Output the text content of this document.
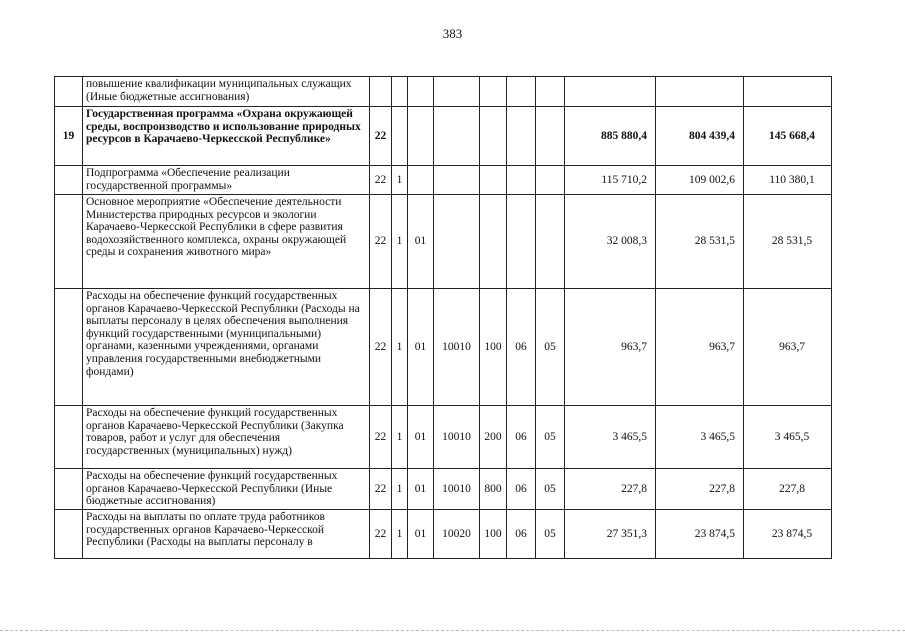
383
	повышение квалификации муниципальных служащих (Иные бюджетные ассигнования)										
19	Государственная программа «Охрана окружающей среды, воспроизводство и использование природных ресурсов в Карачаево-Черкесской Республике»	22							885 880,4	804 439,4	145 668,4
	Подпрограмма «Обеспечение реализации государственной программы»	22	1						115 710,2	109 002,6	110 380,1
	Основное мероприятие «Обеспечение деятельности Министерства природных ресурсов и экологии Карачаево-Черкесской Республики в сфере развития водохозяйственного комплекса, охраны окружающей среды и сохранения животного мира»	22	1	01					32 008,3	28 531,5	28 531,5
	Расходы на обеспечение функций государственных органов Карачаево-Черкесской Республики (Расходы на выплаты персоналу в целях обеспечения выполнения функций государственными (муниципальными) органами, казенными учреждениями, органами управления государственными внебюджетными фондами)	22	1	01	10010	100	06	05	963,7	963,7	963,7
	Расходы на обеспечение функций государственных органов Карачаево-Черкесской Республики (Закупка товаров, работ и услуг для обеспечения государственных (муниципальных) нужд)	22	1	01	10010	200	06	05	3 465,5	3 465,5	3 465,5
	Расходы на обеспечение функций государственных органов Карачаево-Черкесской Республики (Иные бюджетные ассигнования)	22	1	01	10010	800	06	05	227,8	227,8	227,8
	Расходы на выплаты по оплате труда работников государственных органов Карачаево-Черкесской Республики (Расходы на выплаты персоналу в	22	1	01	10020	100	06	05	27 351,3	23 874,5	23 874,5
